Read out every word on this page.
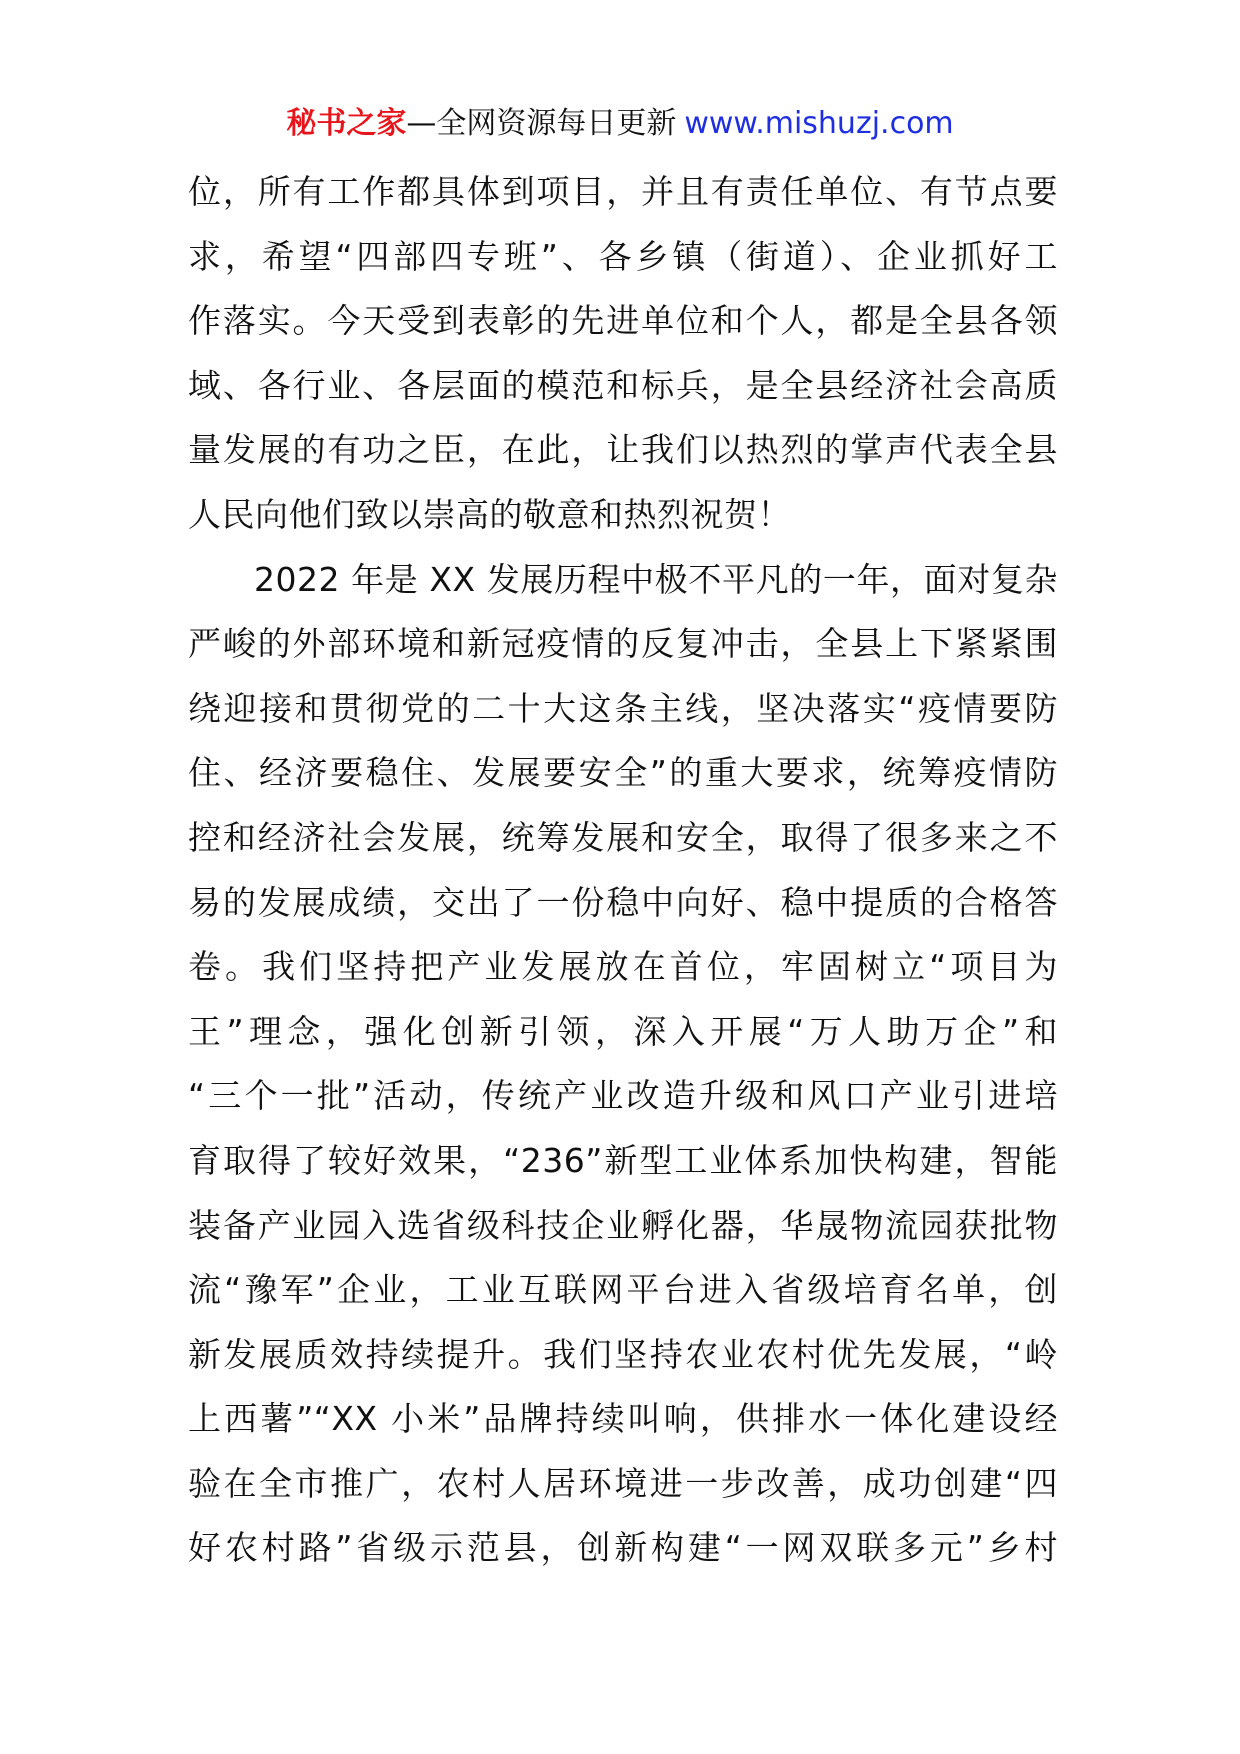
秘书之家—全网资源每日更新 www.mishuzj.com

位，所有工作都具体到项目，并且有责任单位、有节点要

求，希望“四部四专班”、各乡镇（街道）、企业抓好工

作落实。今天受到表彰的先进单位和个人，都是全县各领

域、各行业、各层面的模范和标兵，是全县经济社会高质

量发展的有功之臣，在此，让我们以热烈的掌声代表全县

人民向他们致以崇高的敬意和热烈祝贺！

2022 年是 XX 发展历程中极不平凡的一年，面对复杂

严峻的外部环境和新冠疫情的反复冲击，全县上下紧紧围

绕迎接和贯彻党的二十大这条主线，坚决落实“疫情要防

住、经济要稳住、发展要安全”的重大要求，统筹疫情防

控和经济社会发展，统筹发展和安全，取得了很多来之不

易的发展成绩，交出了一份稳中向好、稳中提质的合格答

卷。我们坚持把产业发展放在首位，牢固树立“项目为

王”理念，强化创新引领，深入开展“万人助万企”和

“三个一批”活动，传统产业改造升级和风口产业引进培

育取得了较好效果，“236”新型工业体系加快构建，智能

装备产业园入选省级科技企业孵化器，华晟物流园获批物

流“豫军”企业，工业互联网平台进入省级培育名单，创

新发展质效持续提升。我们坚持农业农村优先发展，“岭

上西薯”“XX 小米”品牌持续叫响，供排水一体化建设经

验在全市推广，农村人居环境进一步改善，成功创建“四

好农村路”省级示范县，创新构建“一网双联多元”乡村
